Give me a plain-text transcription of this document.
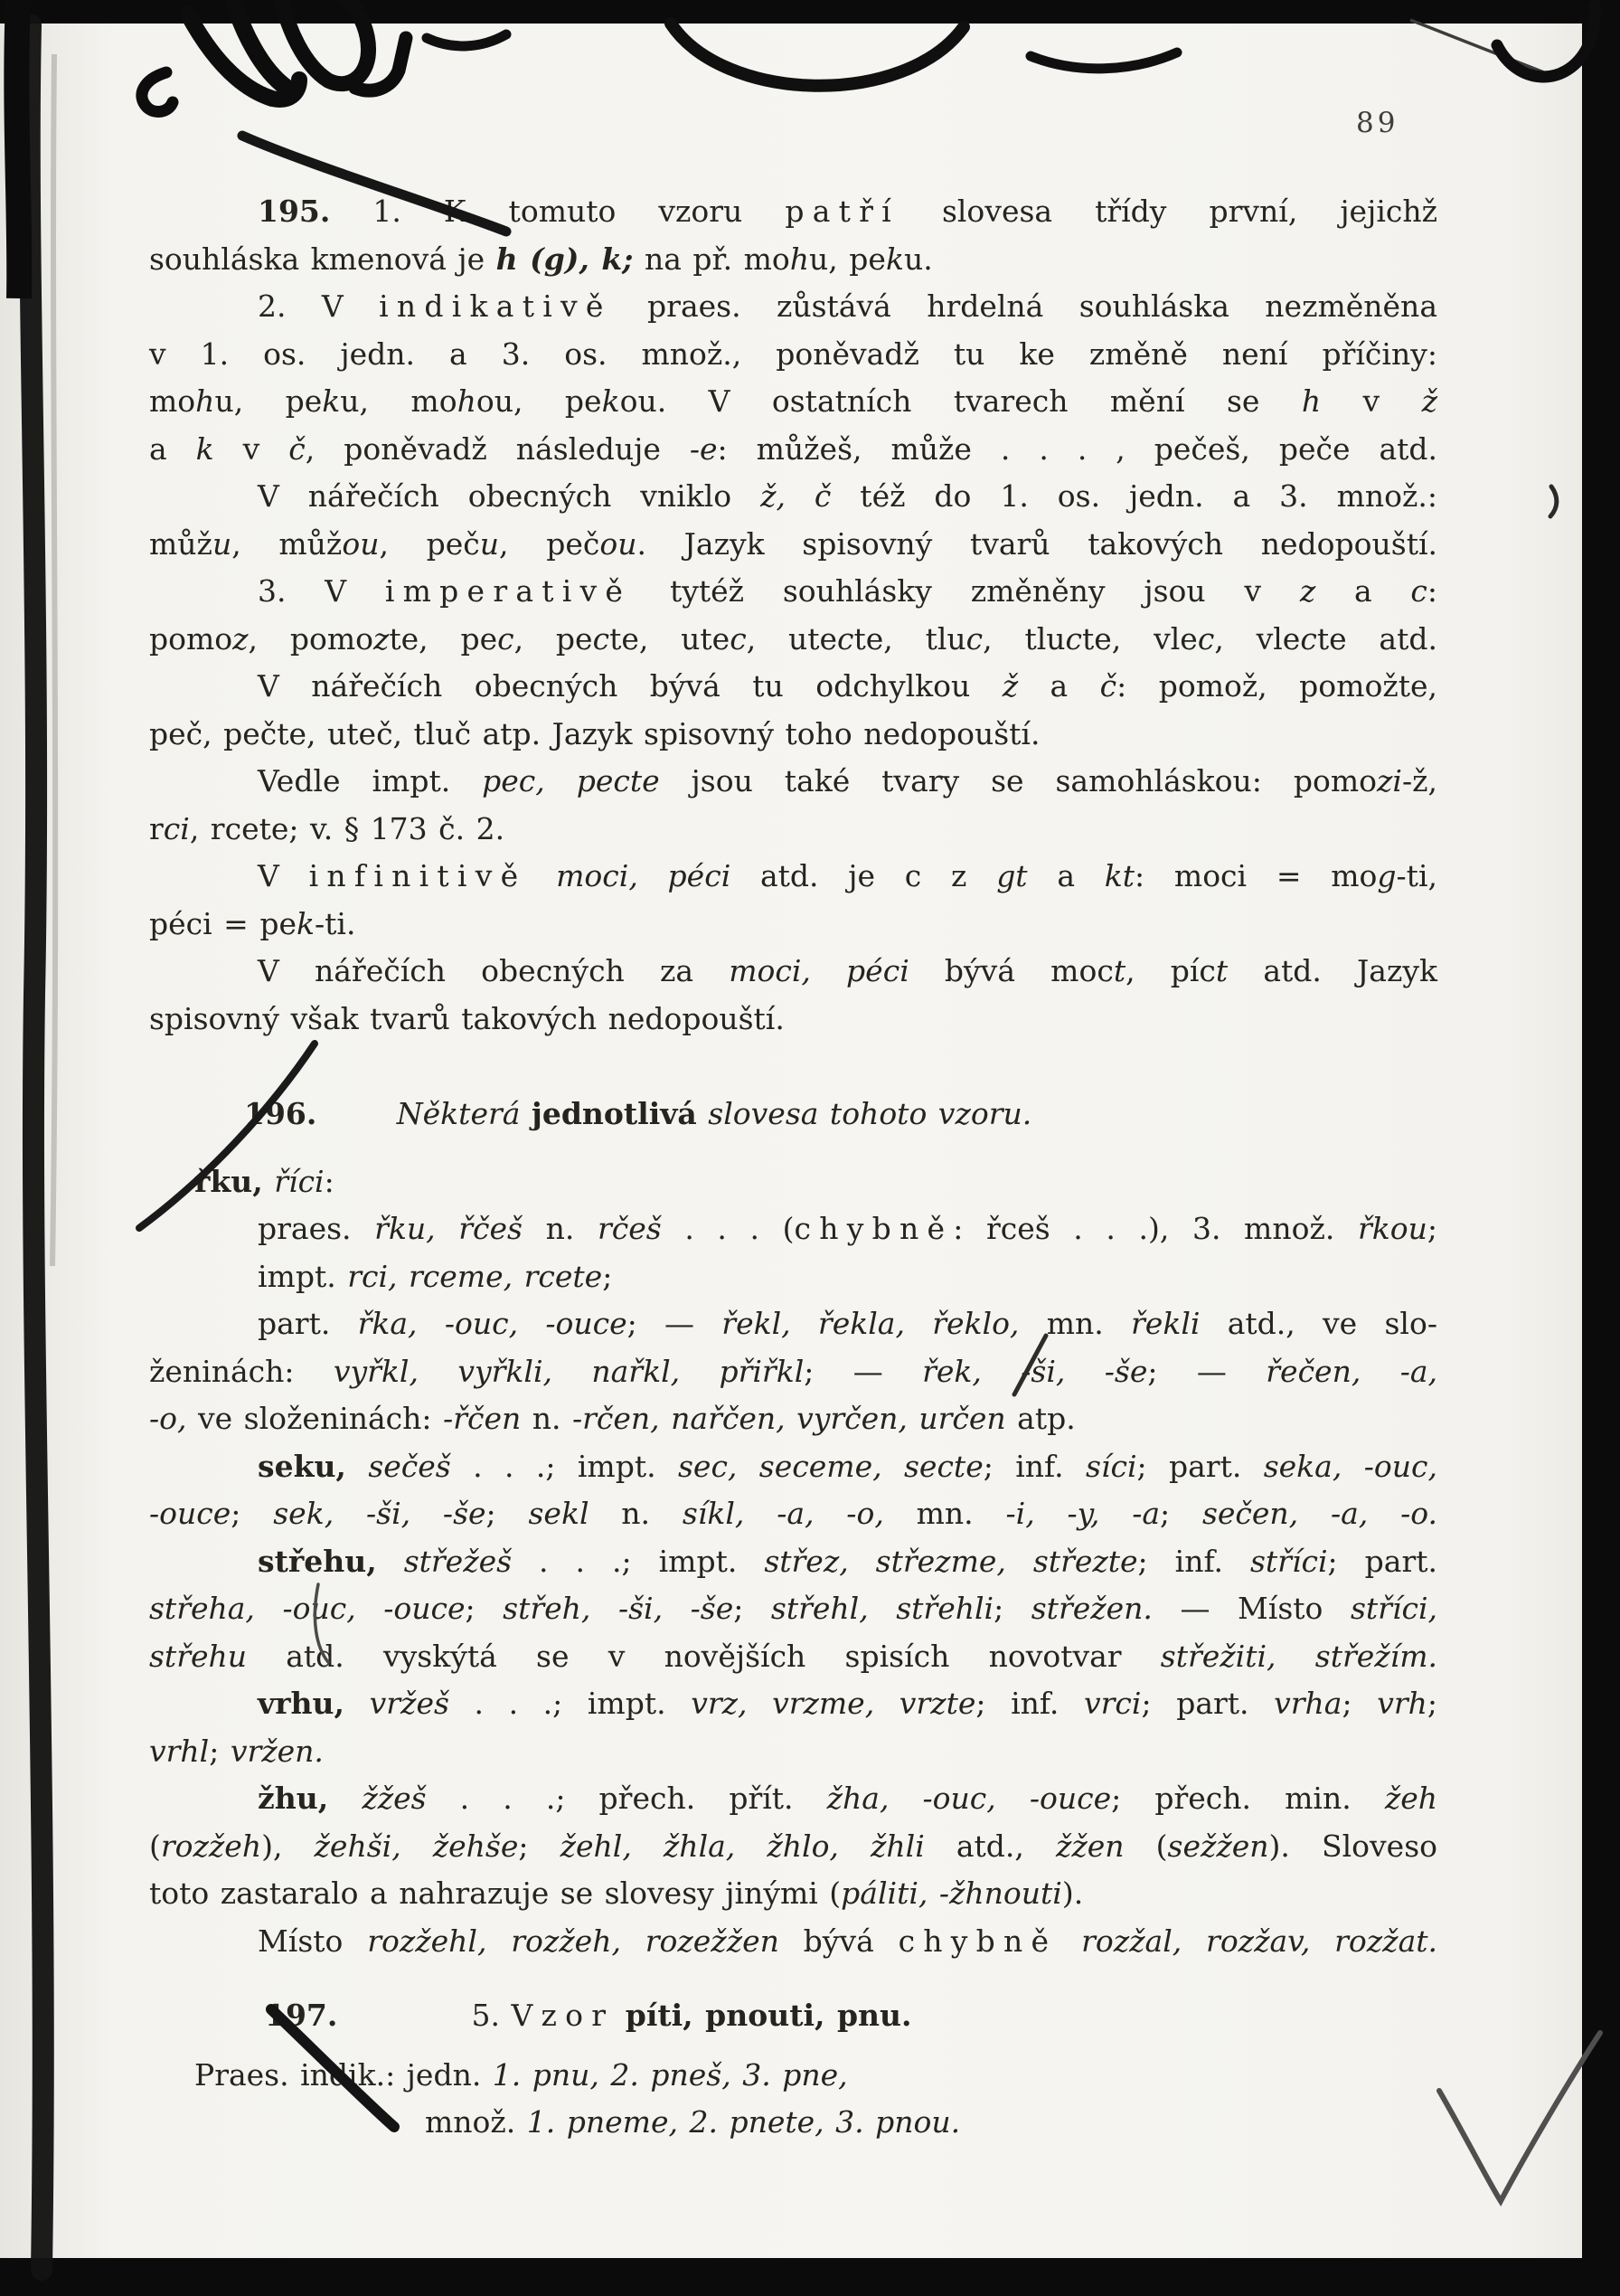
89
195. 1. K tomuto vzoru patří slovesa třídy první, jejichž
souhláska kmenová je h (g), k; na př. mohu, peku.
2. V indikativě praes. zůstává hrdelná souhláska nezměněna
v 1. os. jedn. a 3. os. množ., poněvadž tu ke změně není příčiny:
mohu, peku, mohou, pekou. V ostatních tvarech mění se h v ž
a k v č, poněvadž následuje -e: můžeš, může . . . , pečeš, peče atd.
V nářečích obecných vniklo ž, č též do 1. os. jedn. a 3. množ.:
můžu, můžou, peču, pečou. Jazyk spisovný tvarů takových nedopouští.
3. V imperativě tytéž souhlásky změněny jsou v z a c:
pomoz, pomozte, pec, pecte, utec, utecte, tluc, tlucte, vlec, vlecte atd.
V nářečích obecných bývá tu odchylkou ž a č: pomož, pomožte,
peč, pečte, uteč, tluč atp. Jazyk spisovný toho nedopouští.
Vedle impt. pec, pecte jsou také tvary se samohláskou: pomozi-ž,
rci, rcete; v. § 173 č. 2.
V infinitivě moci, péci atd. je c z gt a kt: moci = mog-ti,
péci = pek-ti.
V nářečích obecných za moci, péci bývá moct, píct atd. Jazyk
spisovný však tvarů takových nedopouští.
196.	Některá jednotlivá slovesa tohoto vzoru.
řku, říci:
praes. řku, řčeš n. rčeš . . . (chybně: řceš . . .), 3. množ. řkou;
impt. rci, rceme, rcete;
part. řka, -ouc, -ouce; — řekl, řekla, řeklo, mn. řekli atd., ve slo-
ženinách: vyřkl, vyřkli, nařkl, přiřkl; — řek, -ši, -še; — řečen, -a,
-o, ve složeninách: -řčen n. -rčen, nařčen, vyrčen, určen atp.
seku, sečeš . . .; impt. sec, seceme, secte; inf. síci; part. seka, -ouc,
-ouce; sek, -ši, -še; sekl n. síkl, -a, -o, mn. -i, -y, -a; sečen, -a, -o.
střehu, střežeš . . .; impt. střez, střezme, střezte; inf. stříci; part.
střeha, -ouc, -ouce; střeh, -ši, -še; střehl, střehli; střežen. — Místo stříci,
střehu atd. vyskýtá se v novějších spisích novotvar střežiti, střežím.
vrhu, vržeš . . .; impt. vrz, vrzme, vrzte; inf. vrci; part. vrha; vrh;
vrhl; vržen.
žhu, žžeš . . .; přech. přít. žha, -ouc, -ouce; přech. min. žeh
(rozžeh), žehši, žehše; žehl, žhla, žhlo, žhli atd., žžen (sežžen). Sloveso
toto zastaralo a nahrazuje se slovesy jinými (páliti, -žhnouti).
Místo rozžehl, rozžeh, rozežžen bývá chybně rozžal, rozžav, rozžat.
197.	5. Vzor píti, pnouti, pnu.
Praes. indik.: jedn. 1. pnu, 2. pneš, 3. pne,
množ. 1. pneme, 2. pnete, 3. pnou.
